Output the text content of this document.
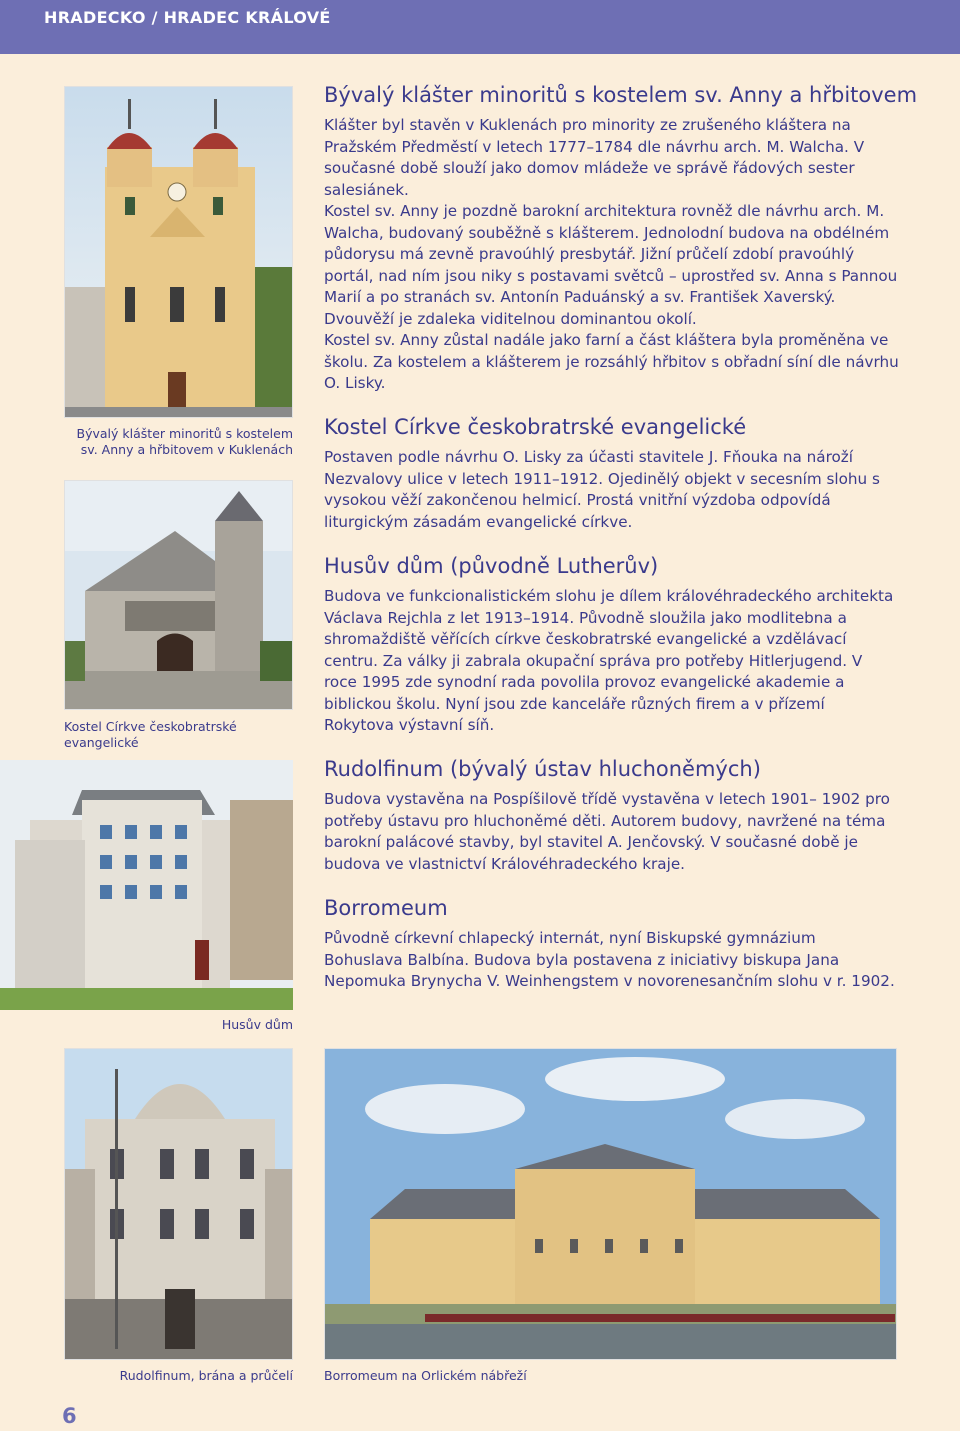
HRADECKO / HRADEC KRÁLOVÉ
Bývalý klášter minoritů s kostelem
sv. Anny a hřbitovem v Kuklenách
Kostel Církve českobratrské evangelické
Husův dům
Rudolfinum, brána a průčelí Borromeum na Orlickém nábřeží
Bývalý klášter minoritů s kostelem sv. Anny a hřbitovem

Klášter byl stavěn v Kuklenách pro minority ze zrušeného kláštera na Pražském Předměstí v letech 1777–1784 dle návrhu arch. M. Walcha. V současné době slouží jako domov mládeže ve správě řádových sester salesiánek.

Kostel sv. Anny je pozdně barokní architektura rovněž dle návrhu arch. M. Walcha, budovaný souběžně s klášterem. Jednolodní budova na obdélném půdorysu má zevně pravoúhlý presbytář. Jižní průčelí zdobí pravoúhlý portál, nad ním jsou niky s postavami světců – uprostřed sv. Anna s Pannou Marií a po stranách sv. Antonín Paduánský a sv. František Xaverský. Dvouvěží je zdaleka viditelnou dominantou okolí.

Kostel sv. Anny zůstal nadále jako farní a část kláštera byla proměněna ve školu. Za kostelem a klášterem je rozsáhlý hřbitov s obřadní síní dle návrhu O. Lisky.

Kostel Církve českobratrské evangelické

Postaven podle návrhu O. Lisky za účasti stavitele J. Fňouka na nároží Nezvalovy ulice v letech 1911–1912. Ojedinělý objekt v secesním slohu s vysokou věží zakončenou helmicí. Prostá vnitřní výzdoba odpovídá liturgickým zásadám evangelické církve.

Husův dům (původně Lutherův)

Budova ve funkcionalistickém slohu je dílem královéhradeckého architekta Václava Rejchla z let 1913–1914. Původně sloužila jako modlitebna a shromaždiště věřících církve českobratrské evangelické a vzdělávací centru. Za války ji zabrala okupační správa pro potřeby Hitlerjugend. V roce 1995 zde synodní rada povolila provoz evangelické akademie a biblickou školu. Nyní jsou zde kanceláře různých firem a v přízemí Rokytova výstavní síň.

Rudolfinum (bývalý ústav hluchoněmých)

Budova vystavěna na Pospíšilově třídě vystavěna v letech 1901– 1902 pro potřeby ústavu pro hluchoněmé děti. Autorem budovy, navržené na téma barokní palácové stavby, byl stavitel A. Jenčovský. V současné době je budova ve vlastnictví Královéhradeckého kraje.

Borromeum

Původně církevní chlapecký internát, nyní Biskupské gymnázium Bohuslava Balbína. Budova byla postavena z iniciativy biskupa Jana Nepomuka Brynycha V. Weinhengstem v novorenesančním slohu v r. 1902.

6
